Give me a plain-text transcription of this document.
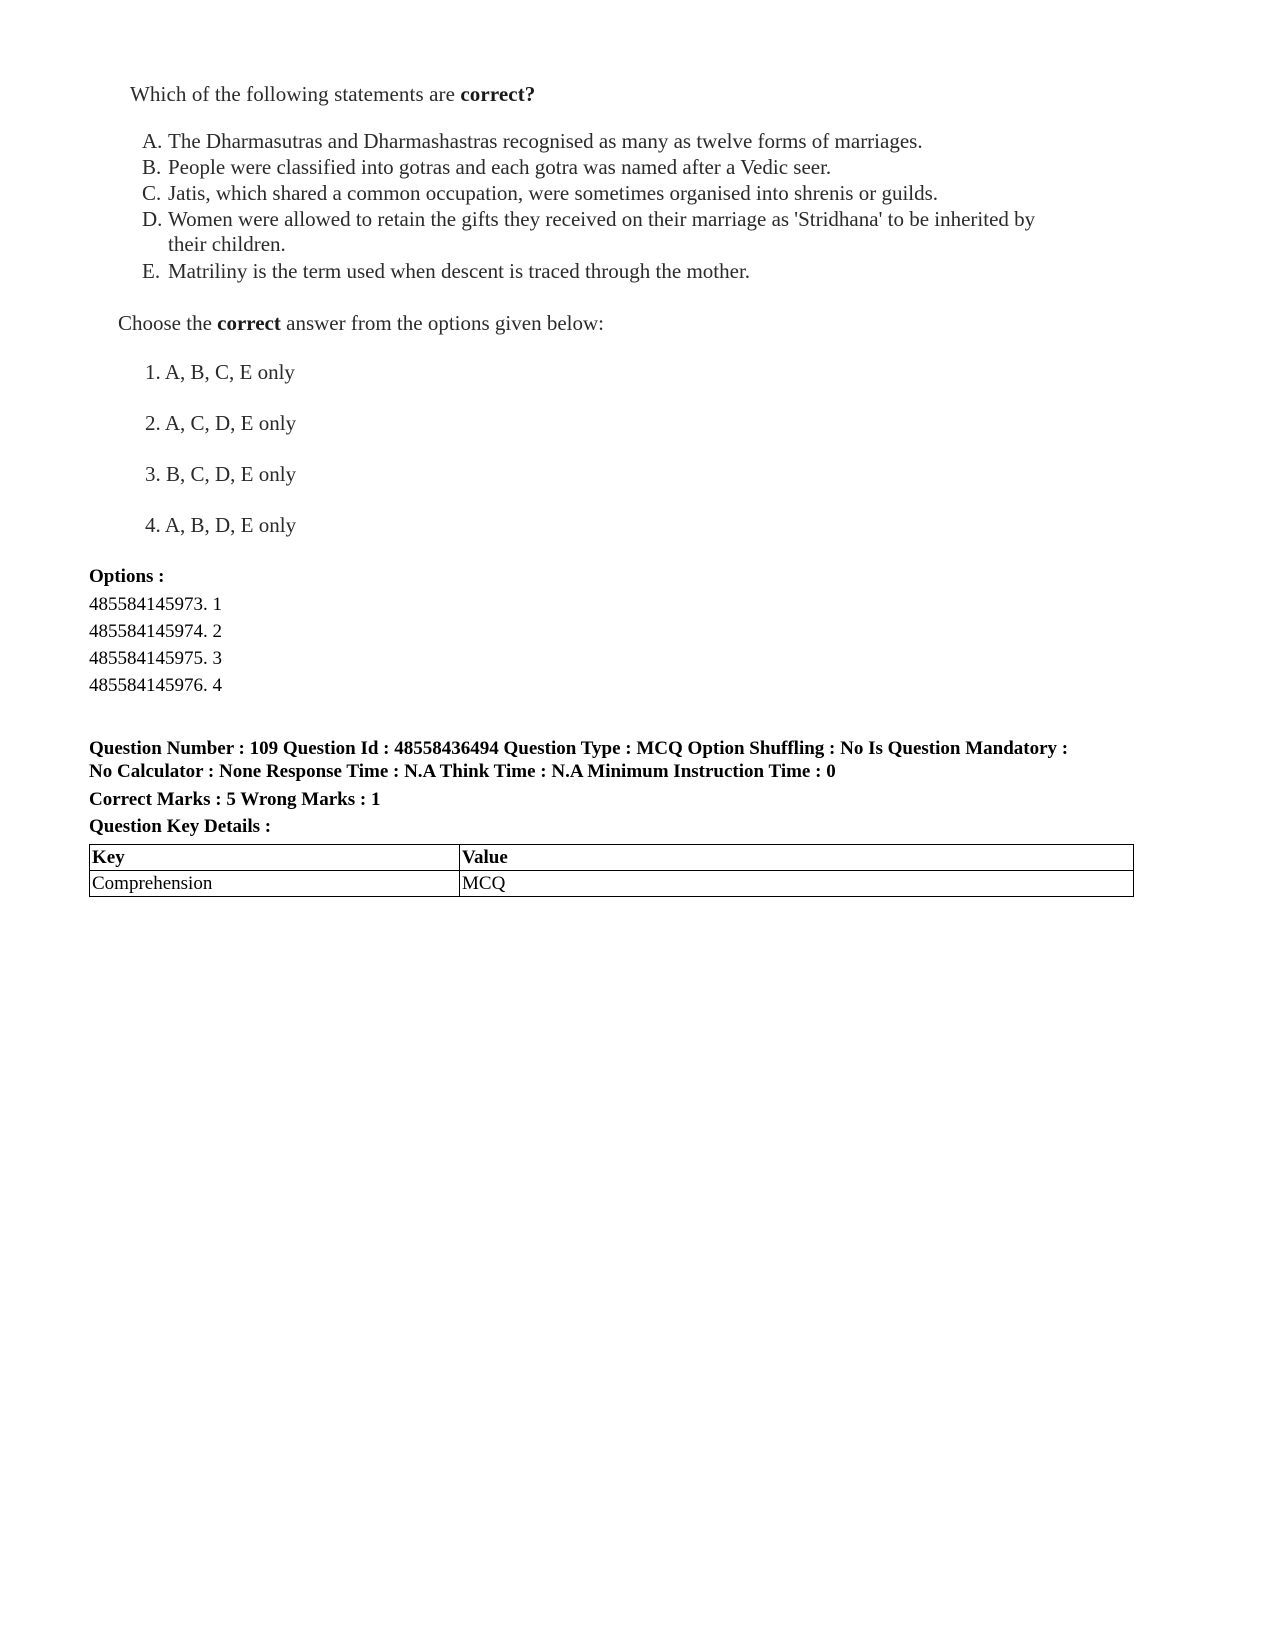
Which of the following statements are correct?
A. The Dharmasutras and Dharmashastras recognised as many as twelve forms of marriages.
B. People were classified into gotras and each gotra was named after a Vedic seer.
C. Jatis, which shared a common occupation, were sometimes organised into shrenis or guilds.
D. Women were allowed to retain the gifts they received on their marriage as 'Stridhana' to be inherited by
their children.
E. Matriliny is the term used when descent is traced through the mother.
Choose the correct answer from the options given below:
1. A, B, C, E only
2. A, C, D, E only
3. B, C, D, E only
4. A, B, D, E only
Options :
485584145973. 1
485584145974. 2
485584145975. 3
485584145976. 4
Question Number : 109 Question Id : 48558436494 Question Type : MCQ Option Shuffling : No Is Question Mandatory :
No Calculator : None Response Time : N.A Think Time : N.A Minimum Instruction Time : 0
Correct Marks : 5 Wrong Marks : 1
Question Key Details :
Key	Value
Comprehension	MCQ
